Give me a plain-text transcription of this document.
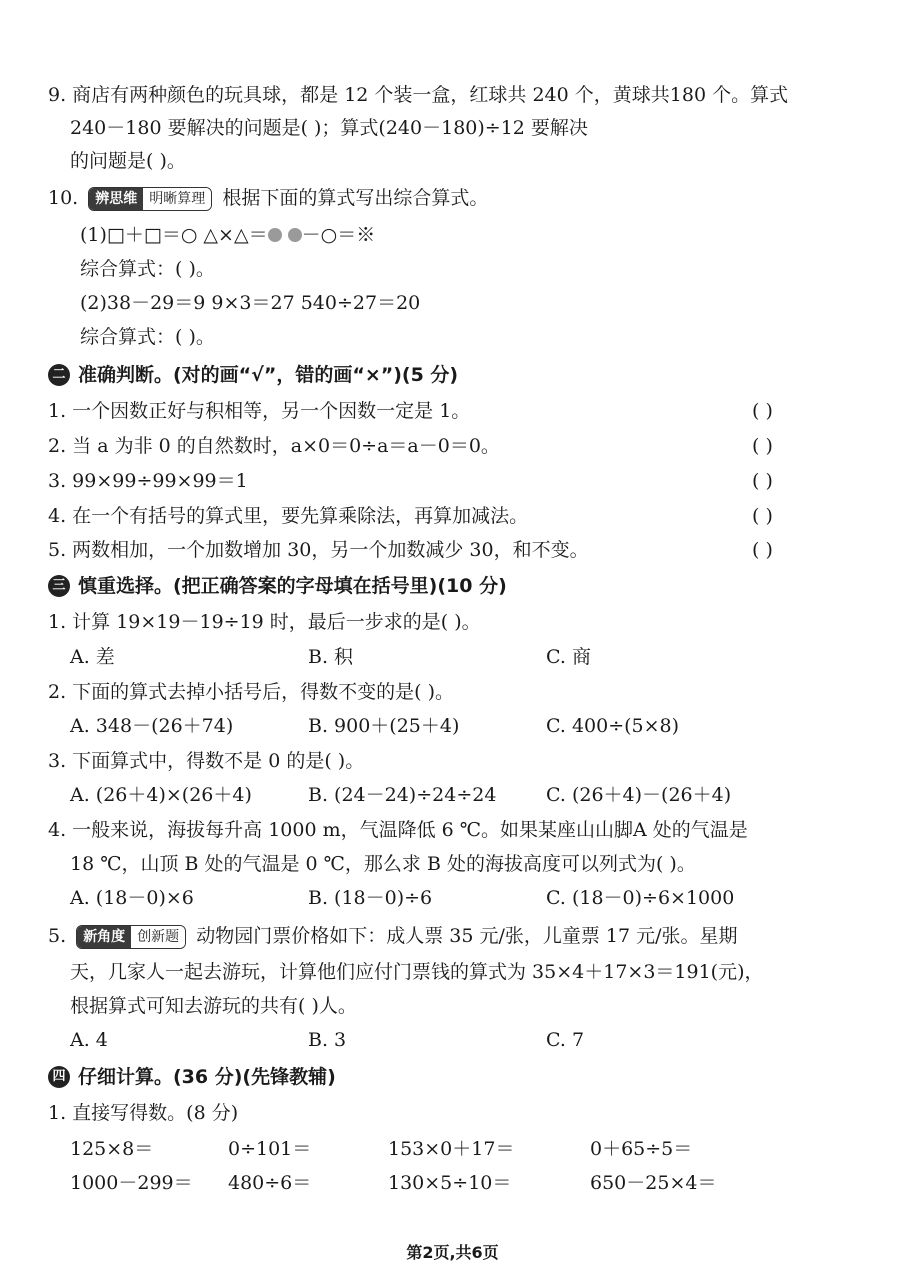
9. 商店有两种颜色的玩具球，都是 12 个装一盒，红球共 240 个，黄球共180 个。算式
240－180 要解决的问题是( )；算式(240－180)÷12 要解决
的问题是( )。
10.	辨思维 明晰算理 根据下面的算式写出综合算式。
(1)□＋□＝○ △×△＝ －○＝※
综合算式：( )。
(2)38－29＝9 9×3＝27 540÷27＝20
综合算式：( )。
二 准确判断。(对的画“√”，错的画“×”)(5 分)
1. 一个因数正好与积相等，另一个因数一定是 1。	( )
2. 当 a 为非 0 的自然数时，a×0＝0÷a＝a－0＝0。	( )
3. 99×99÷99×99＝1	( )
4. 在一个有括号的算式里，要先算乘除法，再算加减法。	( )
5. 两数相加，一个加数增加 30，另一个加数减少 30，和不变。	( )
三 慎重选择。(把正确答案的字母填在括号里)(10 分)
1. 计算 19×19－19÷19 时，最后一步求的是( )。
A. 差	B. 积	C. 商
2. 下面的算式去掉小括号后，得数不变的是( )。
A. 348－(26＋74)	B. 900＋(25＋4)	C. 400÷(5×8)
3. 下面算式中，得数不是 0 的是( )。
A. (26＋4)×(26＋4)	B. (24－24)÷24÷24	C. (26＋4)－(26＋4)
4. 一般来说，海拔每升高 1000 m，气温降低 6 ℃。如果某座山山脚A 处的气温是
18 ℃，山顶 B 处的气温是 0 ℃，那么求 B 处的海拔高度可以列式为( )。
A. (18－0)×6	B. (18－0)÷6	C. (18－0)÷6×1000
5.	新角度 创新题 动物园门票价格如下：成人票 35 元/张，儿童票 17 元/张。星期
天，几家人一起去游玩，计算他们应付门票钱的算式为 35×4＋17×3＝191(元)，
根据算式可知去游玩的共有( )人。
A. 4	B. 3	C. 7
四 仔细计算。(36 分)(先锋教辅)
1. 直接写得数。(8 分)
125×8＝	0÷101＝	153×0＋17＝	0＋65÷5＝
1000－299＝ 480÷6＝	130×5÷10＝	650－25×4＝
第2页,共6页
